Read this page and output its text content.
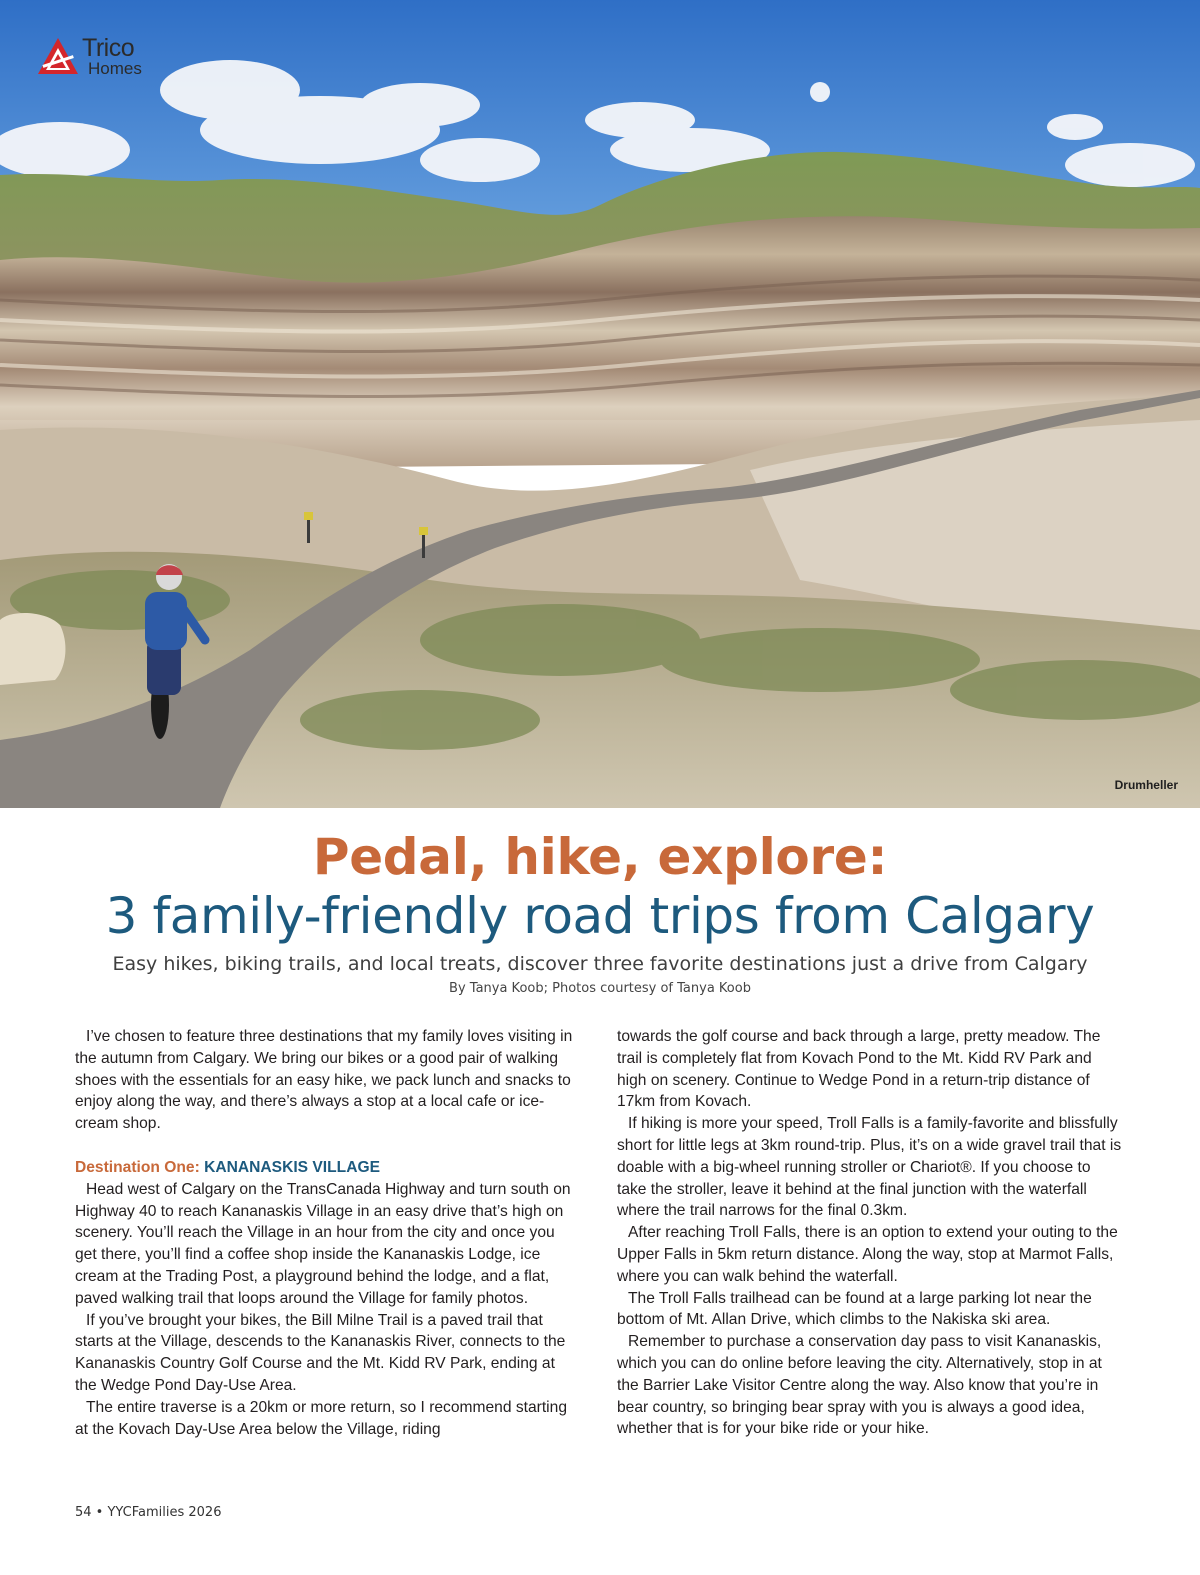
Trico
Homes
Drumheller
Pedal, hike, explore:
3 family-friendly road trips from Calgary
Easy hikes, biking trails, and local treats, discover three favorite destinations just a drive from Calgary
By Tanya Koob; Photos courtesy of Tanya Koob

I’ve chosen to feature three destinations that my family loves visiting in the autumn from Calgary. We bring our bikes or a good pair of walking shoes with the essentials for an easy hike, we pack lunch and snacks to enjoy along the way, and there’s always a stop at a local cafe or ice-cream shop.

Destination One: KANANASKIS VILLAGE

Head west of Calgary on the TransCanada Highway and turn south on Highway 40 to reach Kananaskis Village in an easy drive that’s high on scenery. You’ll reach the Village in an hour from the city and once you get there, you’ll find a coffee shop inside the Kananaskis Lodge, ice cream at the Trading Post, a playground behind the lodge, and a flat, paved walking trail that loops around the Village for family photos.

If you’ve brought your bikes, the Bill Milne Trail is a paved trail that starts at the Village, descends to the Kananaskis River, connects to the Kananaskis Country Golf Course and the Mt. Kidd RV Park, ending at the Wedge Pond Day-Use Area.

The entire traverse is a 20km or more return, so I recommend starting at the Kovach Day-Use Area below the Village, riding

towards the golf course and back through a large, pretty meadow. The trail is completely flat from Kovach Pond to the Mt. Kidd RV Park and high on scenery. Continue to Wedge Pond in a return-trip distance of 17km from Kovach.

If hiking is more your speed, Troll Falls is a family-favorite and blissfully short for little legs at 3km round-trip. Plus, it’s on a wide gravel trail that is doable with a big-wheel running stroller or Chariot®. If you choose to take the stroller, leave it behind at the final junction with the waterfall where the trail narrows for the final 0.3km.

After reaching Troll Falls, there is an option to extend your outing to the Upper Falls in 5km return distance. Along the way, stop at Marmot Falls, where you can walk behind the waterfall.

The Troll Falls trailhead can be found at a large parking lot near the bottom of Mt. Allan Drive, which climbs to the Nakiska ski area.

Remember to purchase a conservation day pass to visit Kananaskis, which you can do online before leaving the city. Alternatively, stop in at the Barrier Lake Visitor Centre along the way. Also know that you’re in bear country, so bringing bear spray with you is always a good idea, whether that is for your bike ride or your hike.

54 • YYCFamilies 2026
